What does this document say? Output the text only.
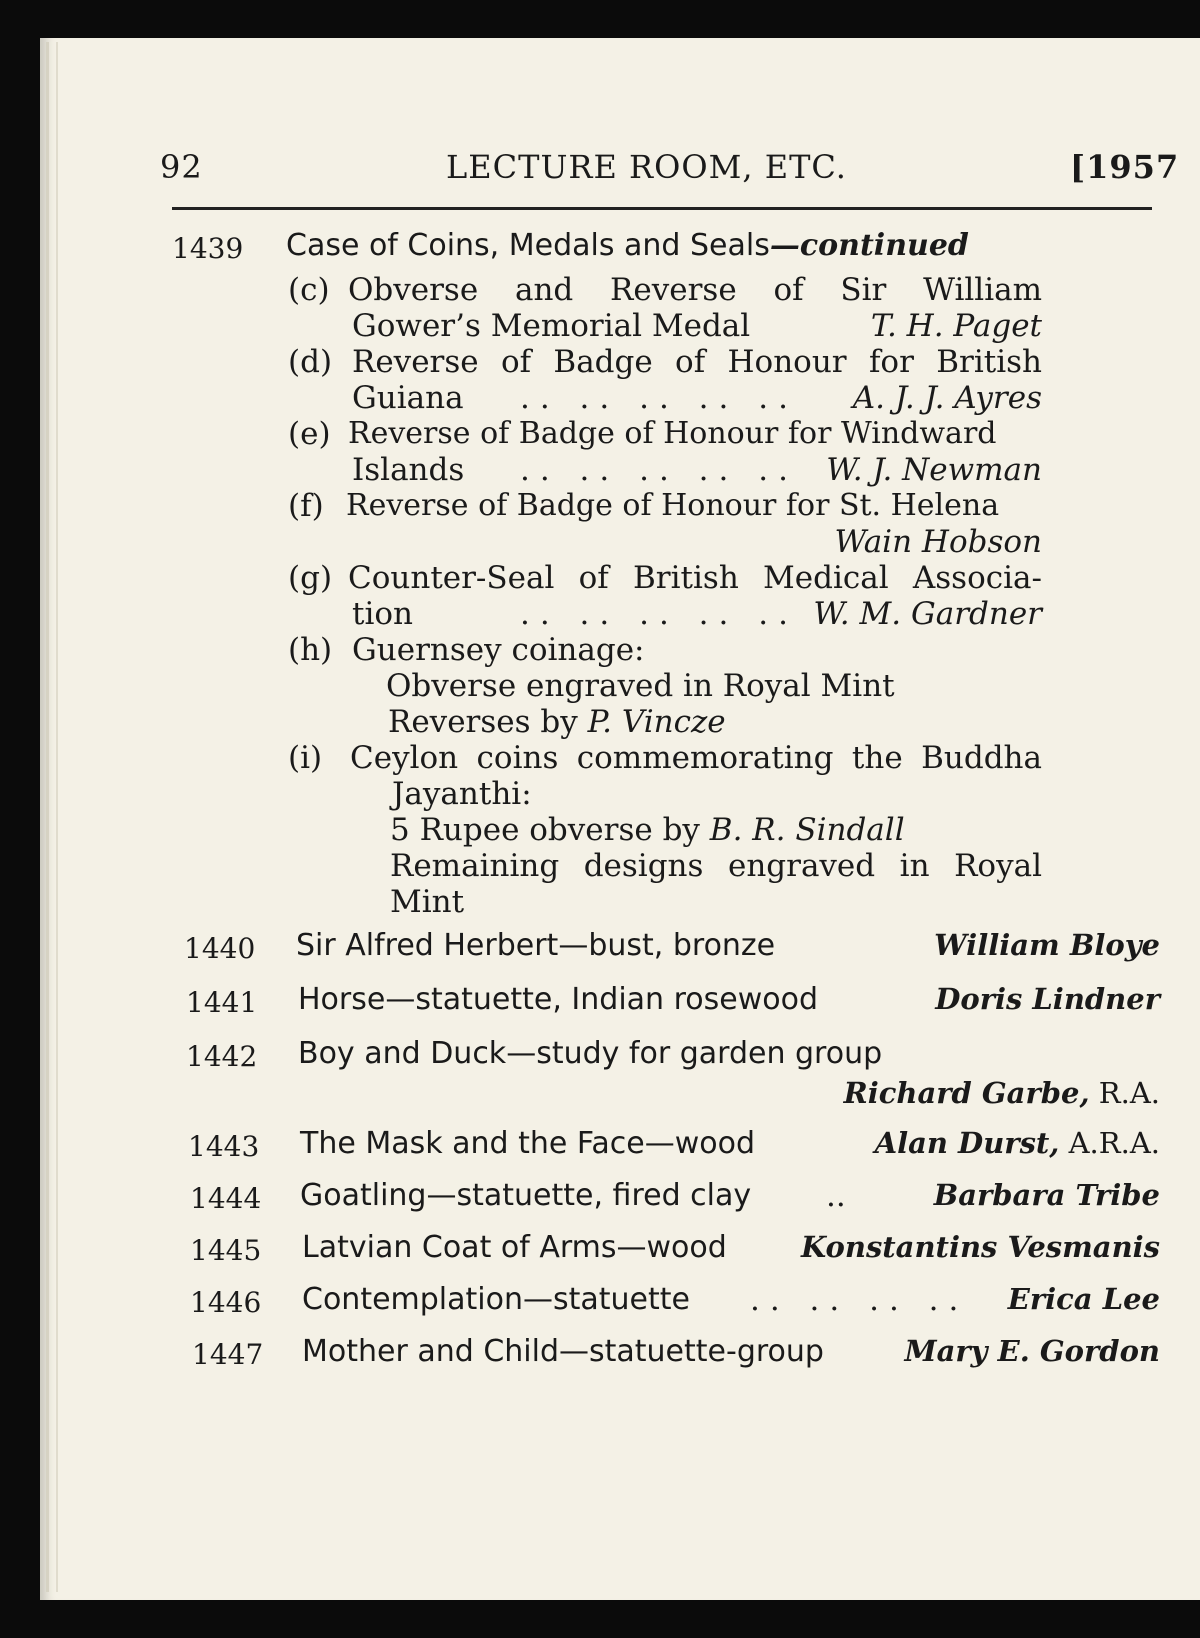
92	LECTURE ROOM, ETC.	[1957
1439 Case of Coins, Medals and Seals—continued
(c) Obverse and Reverse of Sir William
Gower’s Memorial Medal	T. H. Paget
(d) Reverse of Badge of Honour for British
Guiana .. .. .. .. ..	A. J. J. Ayres
(e) Reverse of Badge of Honour for Windward
Islands .. .. .. .. .. W. J. Newman
(f) Reverse of Badge of Honour for St. Helena
Wain Hobson
(g) Counter-Seal of British Medical Associa-
tion	.. .. .. .. .. W. M. Gardner
(h) Guernsey coinage:
Obverse engraved in Royal Mint
Reverses by P. Vincze
(i) Ceylon coins commemorating the Buddha
Jayanthi:
5 Rupee obverse by B. R. Sindall
Remaining designs engraved in Royal
Mint
1440 Sir Alfred Herbert—bust, bronze	William Bloye
1441 Horse—statuette, Indian rosewood	Doris Lindner
1442 Boy and Duck—study for garden group
Richard Garbe, R.A.
1443 The Mask and the Face—wood	Alan Durst, A.R.A.
1444 Goatling—statuette, fired clay ..	Barbara Tribe
1445 Latvian Coat of Arms—wood	Konstantins Vesmanis
1446 Contemplation—statuette .. .. .. ..	Erica Lee
1447 Mother and Child—statuette-group	Mary E. Gordon
